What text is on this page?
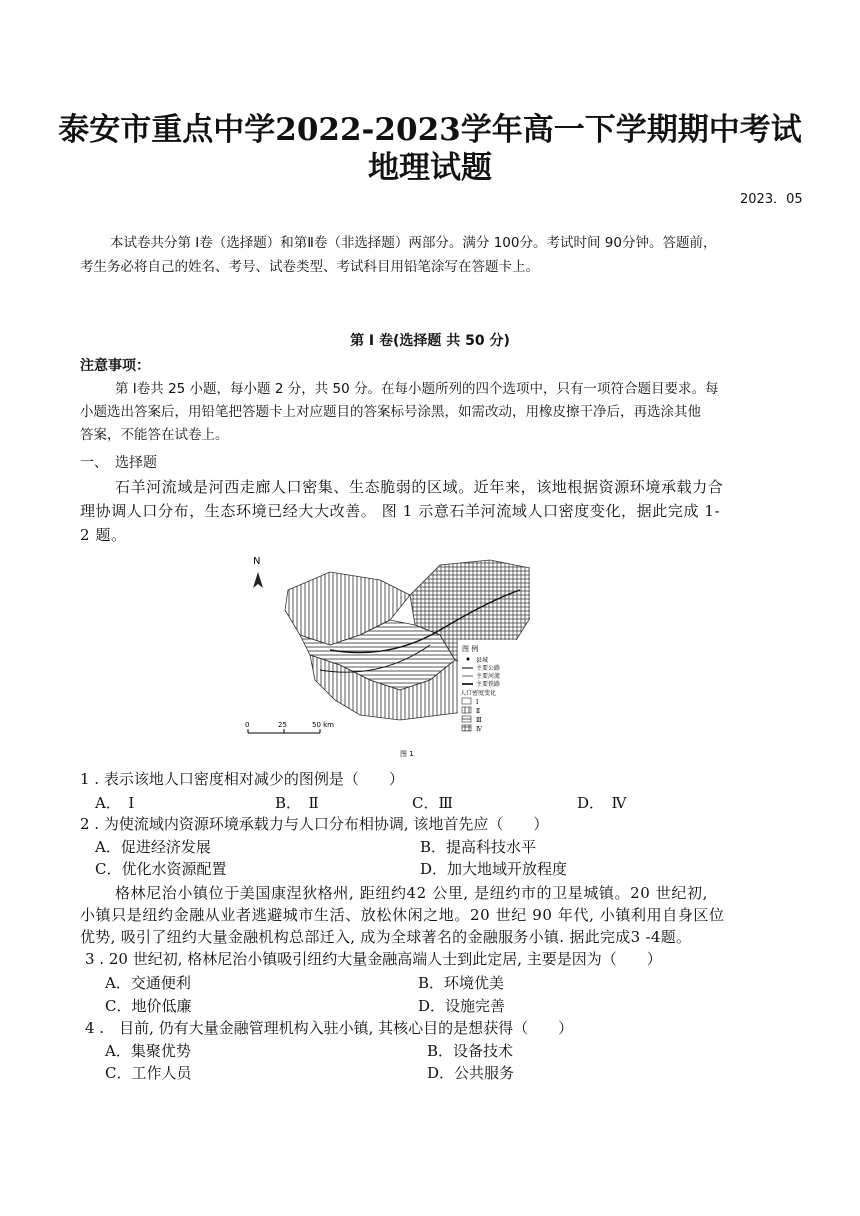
泰安市重点中学2022-2023学年高一下学期期中考试
地理试题
2023．05
本试卷共分第 Ⅰ卷（选择题）和第Ⅱ卷（非选择题）两部分。满分 100分。考试时间 90分钟。答题前，
考生务必将自己的姓名、考号、试卷类型、考试科目用铅笔涂写在答题卡上。
第 Ⅰ 卷(选择题 共 50 分)
注意事项：
第 Ⅰ卷共 25 小题，每小题 2 分，共 50 分。在每小题所列的四个选项中，只有一项符合题目要求。每
小题选出答案后，用铅笔把答题卡上对应题目的答案标号涂黑，如需改动，用橡皮擦干净后，再选涂其他
答案，不能答在试卷上。
一、　选择题
石羊河流域是河西走廊人口密集、生态脆弱的区域。近年来，该地根据资源环境承载力合
理协调人口分布，生态环境已经大大改善。 图 1 示意石羊河流域人口密度变化，据此完成 1-
2 题。
N
图 例
县城
主要公路
主要河流
主要铁路
人口密度变化
Ⅰ
Ⅱ
Ⅲ
Ⅳ
0	25	50 km
图 1
1 . 表示该地人口密度相对减少的图例是（　　）
A．　Ⅰ	B．　Ⅱ	C．Ⅲ	D．　Ⅳ
2 . 为使流域内资源环境承载力与人口分布相协调, 该地首先应（　　）
A．促进经济发展	B．提高科技水平
C．优化水资源配置	D．加大地域开放程度
格林尼治小镇位于美国康涅狄格州, 距纽约42 公里, 是纽约市的卫星城镇。20 世纪初,
小镇只是纽约金融从业者逃避城市生活、放松休闲之地。20 世纪 90 年代, 小镇利用自身区位
优势, 吸引了纽约大量金融机构总部迁入, 成为全球著名的金融服务小镇. 据此完成3 -4题。
3 . 20 世纪初, 格林尼治小镇吸引纽约大量金融高端人士到此定居, 主要是因为（　　）
A．交通便利	B．环境优美
C．地价低廉	D．设施完善
4 .　目前, 仍有大量金融管理机构入驻小镇, 其核心目的是想获得（　　）
A．集聚优势	B．设备技术
C．工作人员	D．公共服务
